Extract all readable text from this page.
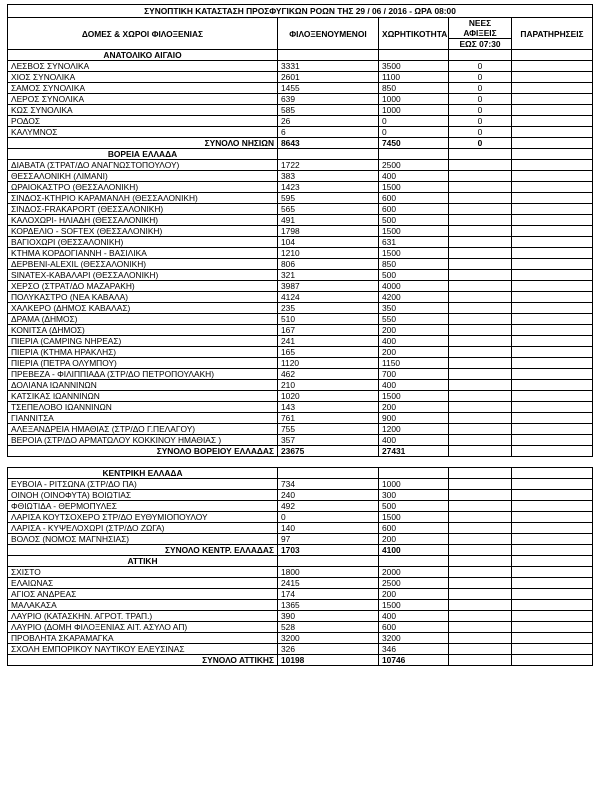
ΣΥΝΟΠΤΙΚΗ ΚΑΤΑΣΤΑΣΗ ΠΡΟΣΦΥΓΙΚΩΝ ΡΟΩΝ ΤΗΣ 29 / 06 / 2016 - ΩΡΑ 08:00				
ΔΟΜΕΣ & ΧΩΡΟΙ ΦΙΛΟΞΕΝΙΑΣ	ΦΙΛΟΞΕΝΟΥΜΕΝΟΙ	ΧΩΡΗΤΙΚΟΤΗΤΑ	ΝΕΕΣ	ΠΑΡΑΤΗΡΗΣΕΙΣ
			ΑΦΙΞΕΙΣ	
			ΕΩΣ 07:30	
ΑΝΑΤΟΛΙΚΟ ΑΙΓΑΙΟ				
ΛΕΣΒΟΣ ΣΥΝΟΛΙΚΑ	3331	3500	0	
ΧΙΟΣ ΣΥΝΟΛΙΚΑ	2601	1100	0	
ΣΑΜΟΣ ΣΥΝΟΛΙΚΑ	1455	850	0	
ΛΕΡΟΣ ΣΥΝΟΛΙΚΑ	639	1000	0	
ΚΩΣ ΣΥΝΟΛΙΚΑ	585	1000	0	
ΡΟΔΟΣ	26	0	0	
ΚΑΛΥΜΝΟΣ	6	0	0	
ΣΥΝΟΛΟ ΝΗΣΙΩΝ	8643	7450	0	
ΒΟΡΕΙΑ ΕΛΛΑΔΑ				
ΔΙΑΒΑΤΑ (ΣΤΡΑΤ/ΔΟ ΑΝΑΓΝΩΣΤΟΠΟΥΛΟΥ)	1722	2500		
ΘΕΣΣΑΛΟΝΙΚΗ (ΛΙΜΑΝΙ)	383	400		
ΩΡΑΙΟΚΑΣΤΡΟ (ΘΕΣΣΑΛΟΝΙΚΗ)	1423	1500		
ΣΙΝΔΟΣ-ΚΤΗΡΙΟ ΚΑΡΑΜΑΝΛΗ (ΘΕΣΣΑΛΟΝΙΚΗ)	595	600		
ΣΙΝΔΟΣ-FRAKAPORT (ΘΕΣΣΑΛΟΝΙΚΗ)	565	600		
ΚΑΛΟΧΩΡΙ- ΗΛΙΑΔΗ (ΘΕΣΣΑΛΟΝΙΚΗ)	491	500		
ΚΟΡΔΕΛΙΟ - SOFTEX (ΘΕΣΣΑΛΟΝΙΚΗ)	1798	1500		
ΒΑΓΙΟΧΩΡΙ (ΘΕΣΣΑΛΟΝΙΚΗ)	104	631		
ΚΤΗΜΑ ΚΟΡΔΟΓΙΑΝΝΗ - ΒΑΣΙΛΙΚΑ	1210	1500		
ΔΕΡΒΕΝΙ-ALEXIL (ΘΕΣΣΑΛΟΝΙΚΗ)	806	850		
SINATEX-ΚΑΒΑΛΑΡΙ (ΘΕΣΣΑΛΟΝΙΚΗ)	321	500		
ΧΕΡΣΟ (ΣΤΡΑΤ/ΔΟ ΜΑΖΑΡΑΚΗ)	3987	4000		
ΠΟΛΥΚΑΣΤΡΟ (ΝΕΑ ΚΑΒΑΛΑ)	4124	4200		
ΧΑΛΚΕΡΟ (ΔΗΜΟΣ ΚΑΒΑΛΑΣ)	235	350		
ΔΡΑΜΑ (ΔΗΜΟΣ)	510	550		
ΚΟΝΙΤΣΑ (ΔΗΜΟΣ)	167	200		
ΠΙΕΡΙΑ (CAMPING ΝΗΡΕΑΣ)	241	400		
ΠΙΕΡΙΑ (ΚΤΗΜΑ ΗΡΑΚΛΗΣ)	165	200		
ΠΙΕΡΙΑ (ΠΕΤΡΑ ΟΛΥΜΠΟΥ)	1120	1150		
ΠΡΕΒΕΖΑ - ΦΙΛΙΠΠΙΑΔΑ (ΣΤΡ/ΔΟ ΠΕΤΡΟΠΟΥΛΑΚΗ)	462	700		
ΔΟΛΙΑΝΑ ΙΩΑΝΝΙΝΩΝ	210	400		
ΚΑΤΣΙΚΑΣ ΙΩΑΝΝΙΝΩΝ	1020	1500		
ΤΣΕΠΕΛΟΒΟ ΙΩΑΝΝΙΝΩΝ	143	200		
ΓΙΑΝΝΙΤΣΑ	761	900		
ΑΛΕΞΑΝΔΡΕΙΑ ΗΜΑΘΙΑΣ (ΣΤΡ/ΔΟ Γ.ΠΕΛΑΓΟΥ)	755	1200		
ΒΕΡΟΙΑ (ΣΤΡ/ΔΟ ΑΡΜΑΤΩΛΟΥ ΚΟΚΚΙΝΟΥ ΗΜΑΘΙΑΣ )	357	400		
ΣΥΝΟΛΟ ΒΟΡΕΙΟΥ ΕΛΛΑΔΑΣ	23675	27431		

ΚΕΝΤΡΙΚΗ ΕΛΛΑΔΑ				
ΕΥΒΟΙΑ - ΡΙΤΣΩΝΑ (ΣΤΡ/ΔΟ ΠΑ)	734	1000		
ΟΙΝΟΗ (ΟΙΝΟΦΥΤΑ) ΒΟΙΩΤΙΑΣ	240	300		
ΦΘΙΩΤΙΔΑ - ΘΕΡΜΟΠΥΛΕΣ	492	500		
ΛΑΡΙΣΑ ΚΟΥΤΣΟΧΕΡΟ ΣΤΡ/ΔΟ ΕΥΘΥΜΙΟΠΟΥΛΟΥ	0	1500		
ΛΑΡΙΣΑ - ΚΥΨΕΛΟΧΩΡΙ (ΣΤΡ/ΔΟ ΖΩΓΑ)	140	600		
ΒΟΛΟΣ (ΝΟΜΟΣ ΜΑΓΝΗΣΙΑΣ)	97	200		
ΣΥΝΟΛΟ ΚΕΝΤΡ. ΕΛΛΑΔΑΣ	1703	4100		
ΑΤΤΙΚΗ				
ΣΧΙΣΤΟ	1800	2000		
ΕΛΑΙΩΝΑΣ	2415	2500		
ΑΓΙΟΣ ΑΝΔΡΕΑΣ	174	200		
ΜΑΛΑΚΑΣΑ	1365	1500		
ΛΑΥΡΙΟ (ΚΑΤΑΣΚΗΝ. ΑΓΡΟΤ. ΤΡΑΠ.)	390	400		
ΛΑΥΡΙΟ (ΔΟΜΗ ΦΙΛΟΞΕΝΙΑΣ ΑΙΤ. ΑΣΥΛΟ ΑΠ)	528	600		
ΠΡΟΒΛΗΤΑ ΣΚΑΡΑΜΑΓΚΑ	3200	3200		
ΣΧΟΛΗ ΕΜΠΟΡΙΚΟΥ ΝΑΥΤΙΚΟΥ ΕΛΕΥΣΙΝΑΣ	326	346		
ΣΥΝΟΛΟ ΑΤΤΙΚΗΣ	10198	10746		
